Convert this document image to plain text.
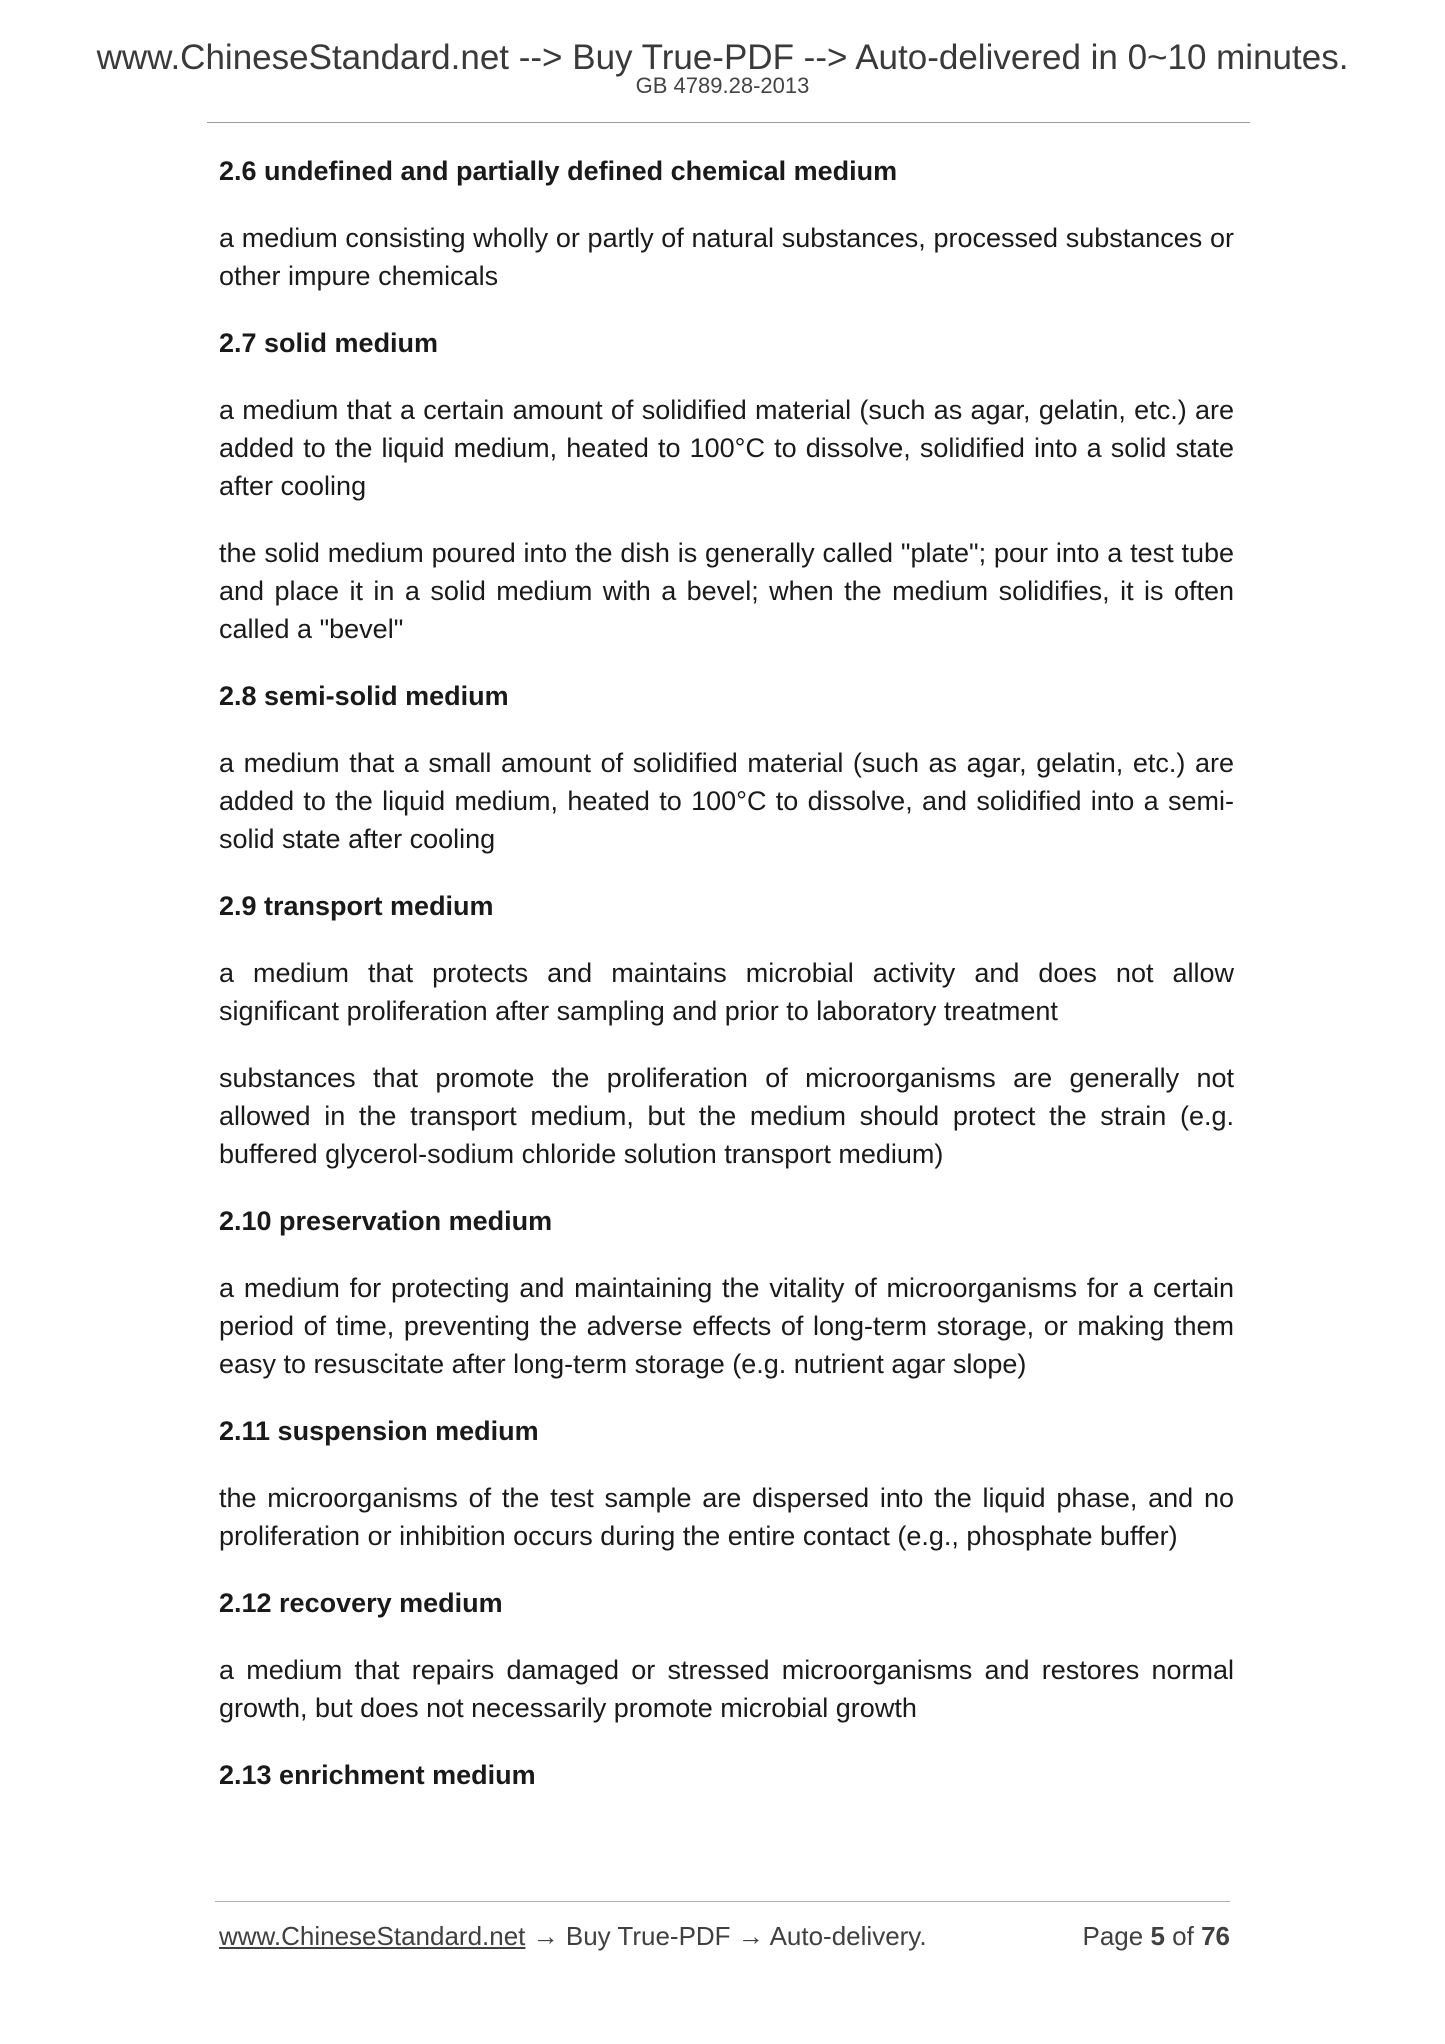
www.ChineseStandard.net --> Buy True-PDF --> Auto-delivered in 0~10 minutes.
GB 4789.28-2013

2.6 undefined and partially defined chemical medium

a medium consisting wholly or partly of natural substances, processed substances or other impure chemicals

2.7 solid medium

a medium that a certain amount of solidified material (such as agar, gelatin, etc.) are added to the liquid medium, heated to 100°C to dissolve, solidified into a solid state after cooling

the solid medium poured into the dish is generally called "plate"; pour into a test tube and place it in a solid medium with a bevel; when the medium solidifies, it is often called a "bevel"

2.8 semi-solid medium

a medium that a small amount of solidified material (such as agar, gelatin, etc.) are added to the liquid medium, heated to 100°C to dissolve, and solidified into a semi-solid state after cooling

2.9 transport medium

a medium that protects and maintains microbial activity and does not allow significant proliferation after sampling and prior to laboratory treatment

substances that promote the proliferation of microorganisms are generally not allowed in the transport medium, but the medium should protect the strain (e.g. buffered glycerol-sodium chloride solution transport medium)

2.10 preservation medium

a medium for protecting and maintaining the vitality of microorganisms for a certain period of time, preventing the adverse effects of long-term storage, or making them easy to resuscitate after long-term storage (e.g. nutrient agar slope)

2.11 suspension medium

the microorganisms of the test sample are dispersed into the liquid phase, and no proliferation or inhibition occurs during the entire contact (e.g., phosphate buffer)

2.12 recovery medium

a medium that repairs damaged or stressed microorganisms and restores normal growth, but does not necessarily promote microbial growth

2.13 enrichment medium

www.ChineseStandard.net → Buy True-PDF → Auto-delivery.	Page 5 of 76
